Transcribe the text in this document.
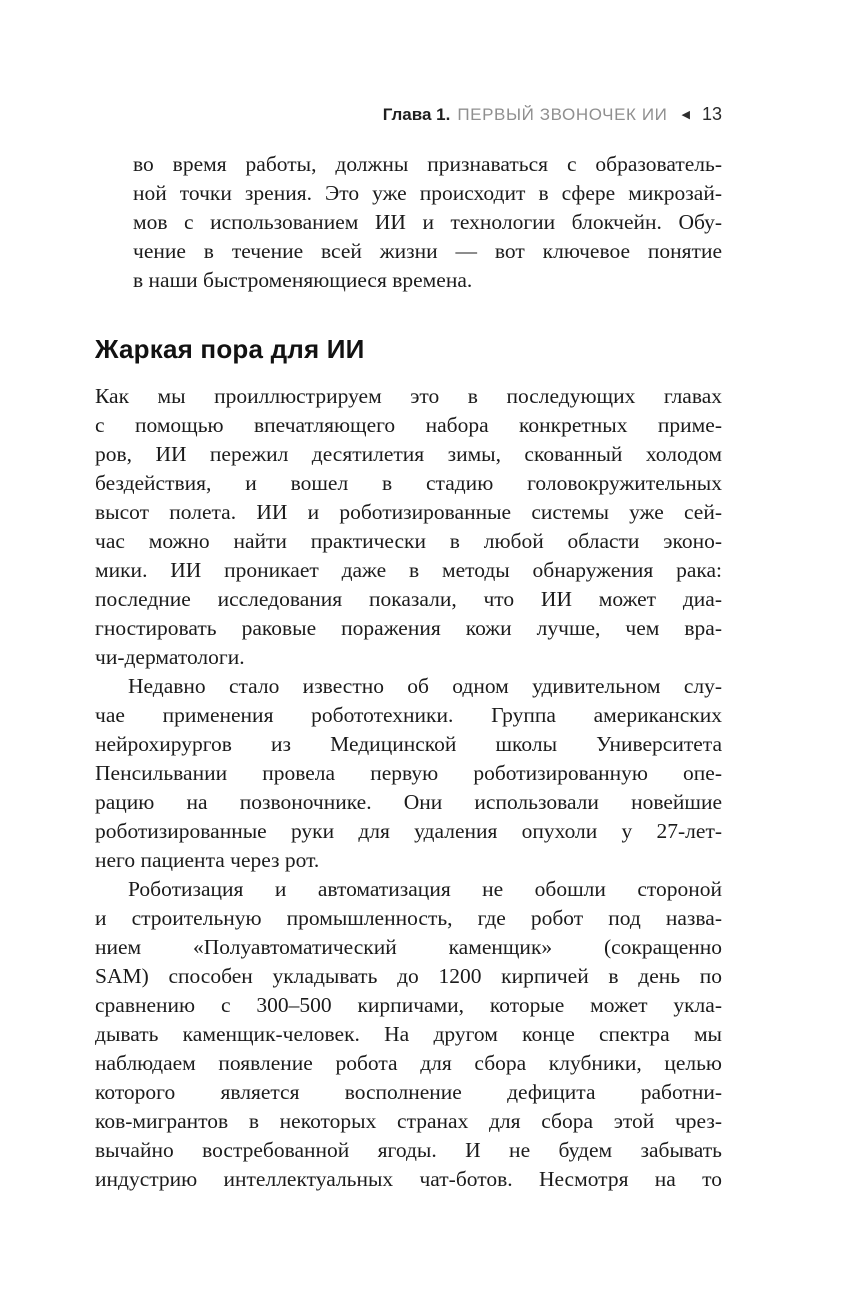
Глава 1. ПЕРВЫЙ ЗВОНОЧЕК ИИ ◀ 13
во время работы, должны признаваться с образователь-
ной точки зрения. Это уже происходит в сфере микрозай-
мов с использованием ИИ и технологии блокчейн. Обу-
чение в течение всей жизни — вот ключевое понятие
в наши быстроменяющиеся времена.
Жаркая пора для ИИ

Как мы проиллюстрируем это в последующих главах
с помощью впечатляющего набора конкретных приме-
ров, ИИ пережил десятилетия зимы, скованный холодом
бездействия, и вошел в стадию головокружительных
высот полета. ИИ и роботизированные системы уже сей-
час можно найти практически в любой области эконо-
мики. ИИ проникает даже в методы обнаружения рака:
последние исследования показали, что ИИ может диа-
гностировать раковые поражения кожи лучше, чем вра-
чи-дерматологи.

Недавно стало известно об одном удивительном слу-
чае применения робототехники. Группа американских
нейрохирургов из Медицинской школы Университета
Пенсильвании провела первую роботизированную опе-
рацию на позвоночнике. Они использовали новейшие
роботизированные руки для удаления опухоли у 27-лет-
него пациента через рот.

Роботизация и автоматизация не обошли стороной
и строительную промышленность, где робот под назва-
нием «Полуавтоматический каменщик» (сокращенно
SAM) способен укладывать до 1200 кирпичей в день по
сравнению с 300–500 кирпичами, которые может укла-
дывать каменщик-человек. На другом конце спектра мы
наблюдаем появление робота для сбора клубники, целью
которого является восполнение дефицита работни-
ков-мигрантов в некоторых странах для сбора этой чрез-
вычайно востребованной ягоды. И не будем забывать
индустрию интеллектуальных чат-ботов. Несмотря на то
